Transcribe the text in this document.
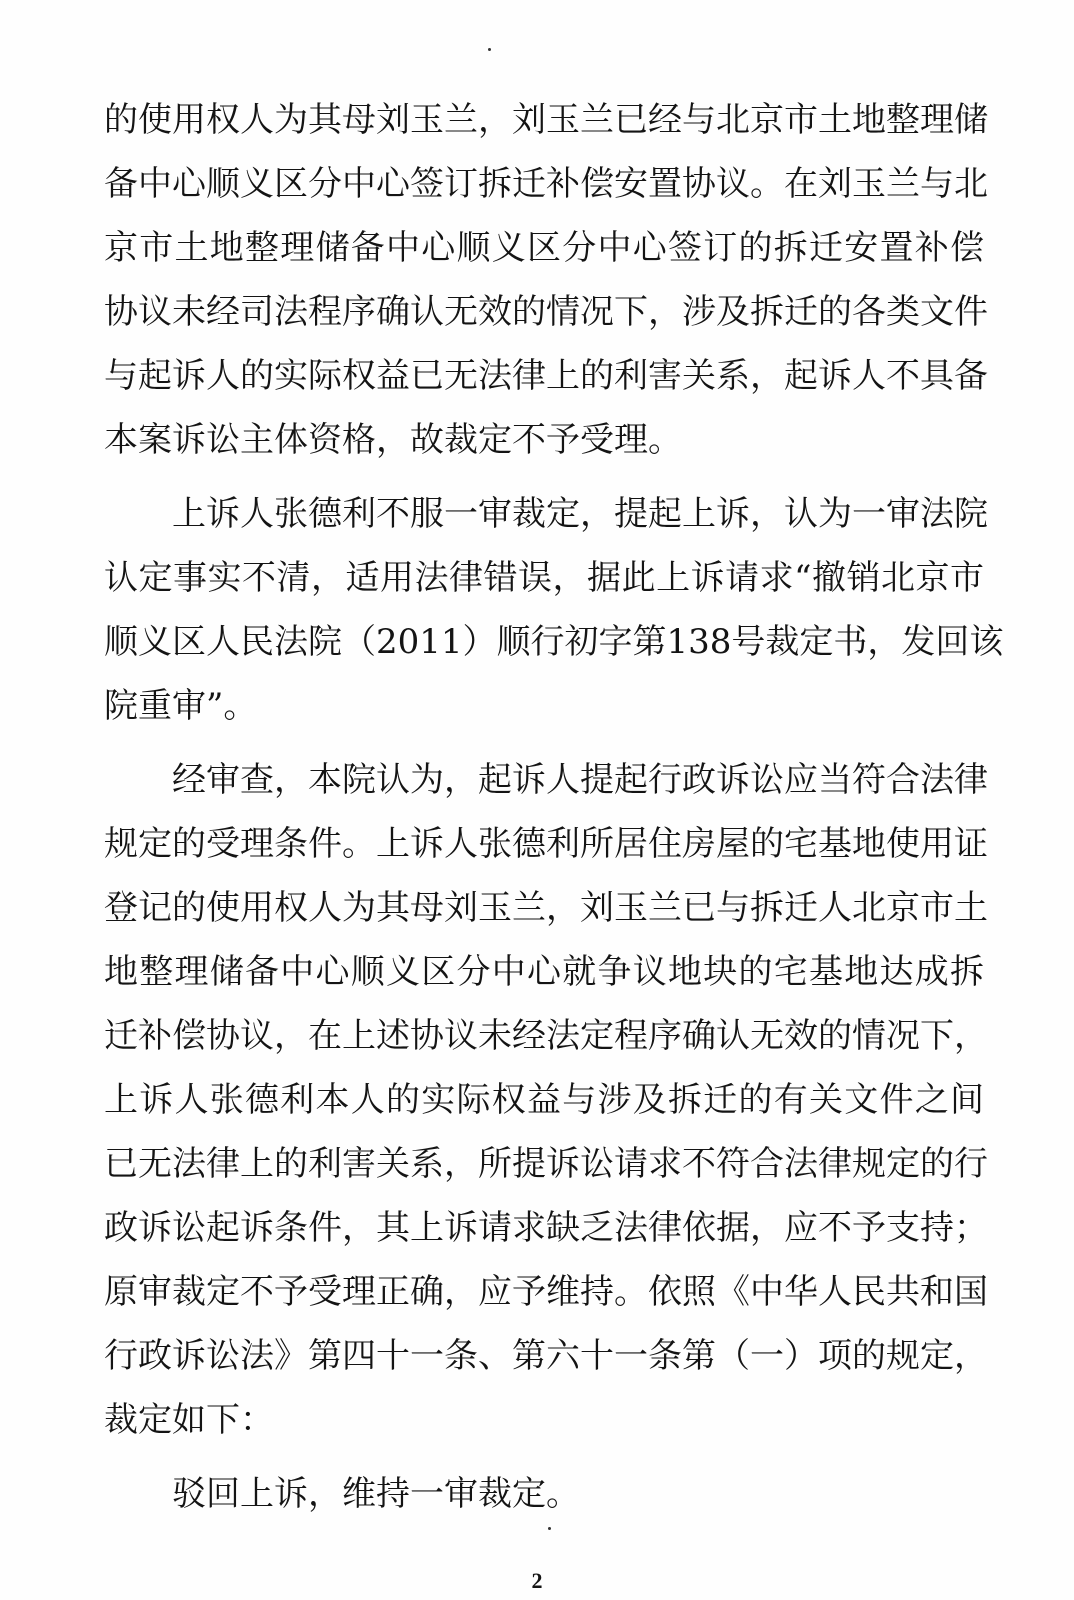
的使用权人为其母刘玉兰，刘玉兰已经与北京市土地整理储
备中心顺义区分中心签订拆迁补偿安置协议。在刘玉兰与北
京市土地整理储备中心顺义区分中心签订的拆迁安置补偿
协议未经司法程序确认无效的情况下，涉及拆迁的各类文件
与起诉人的实际权益已无法律上的利害关系，起诉人不具备
本案诉讼主体资格，故裁定不予受理。
上诉人张德利不服一审裁定，提起上诉，认为一审法院
认定事实不清，适用法律错误，据此上诉请求“撤销北京市
顺义区人民法院（2011）顺行初字第138号裁定书，发回该
院重审”。
经审查，本院认为，起诉人提起行政诉讼应当符合法律
规定的受理条件。上诉人张德利所居住房屋的宅基地使用证
登记的使用权人为其母刘玉兰，刘玉兰已与拆迁人北京市土
地整理储备中心顺义区分中心就争议地块的宅基地达成拆
迁补偿协议，在上述协议未经法定程序确认无效的情况下，
上诉人张德利本人的实际权益与涉及拆迁的有关文件之间
已无法律上的利害关系，所提诉讼请求不符合法律规定的行
政诉讼起诉条件，其上诉请求缺乏法律依据，应不予支持；
原审裁定不予受理正确，应予维持。依照《中华人民共和国
行政诉讼法》第四十一条、第六十一条第（一）项的规定，
裁定如下：
驳回上诉，维持一审裁定。
2
